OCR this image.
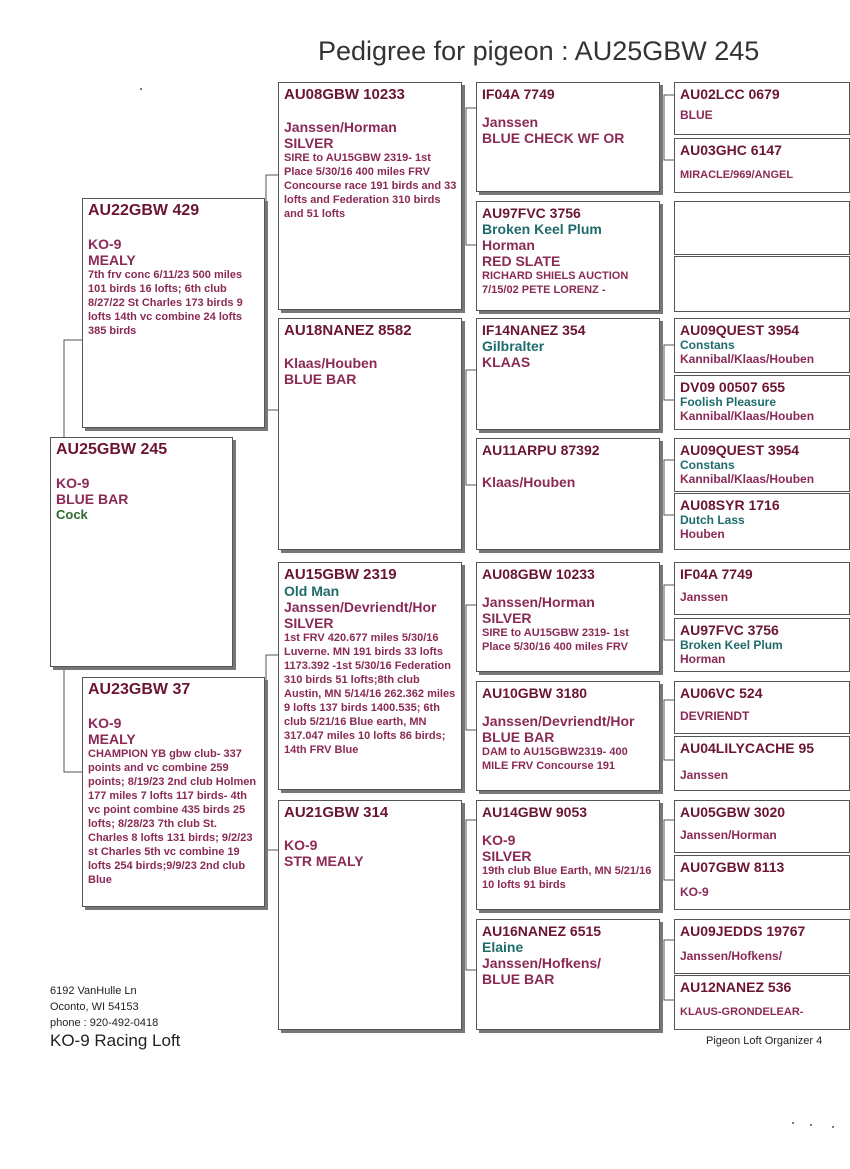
Pedigree for pigeon : AU25GBW 245
AU25GBW 245
KO-9
BLUE BAR
Cock
AU22GBW 429
KO-9
MEALY
7th frv conc 6/11/23 500 miles 101 birds 16 lofts; 6th club 8/27/22 St Charles 173 birds 9 lofts 14th vc combine 24 lofts 385 birds
AU23GBW 37
KO-9
MEALY
CHAMPION YB gbw club- 337 points and vc combine 259 points; 8/19/23 2nd club Holmen 177 miles 7 lofts 117 birds- 4th vc point combine 435 birds 25 lofts; 8/28/23 7th club St. Charles 8 lofts 131 birds; 9/2/23 st Charles 5th vc combine 19 lofts 254 birds;9/9/23 2nd club Blue
AU08GBW 10233
Janssen/Horman
SILVER
SIRE to AU15GBW 2319- 1st Place 5/30/16 400 miles FRV Concourse race 191 birds and 33 lofts and Federation 310 birds and 51 lofts
AU18NANEZ 8582
Klaas/Houben
BLUE BAR
AU15GBW 2319
Old Man
Janssen/Devriendt/Hor
SILVER
1st FRV 420.677 miles 5/30/16 Luverne. MN 191 birds 33 lofts 1173.392 -1st 5/30/16 Federation 310 birds 51 lofts;8th club Austin, MN 5/14/16 262.362 miles 9 lofts 137 birds 1400.535; 6th club 5/21/16 Blue earth, MN 317.047 miles 10 lofts 86 birds; 14th FRV Blue
AU21GBW 314
KO-9
STR MEALY
IF04A 7749
Janssen
BLUE CHECK WF OR
AU97FVC 3756
Broken Keel Plum
Horman
RED SLATE
RICHARD SHIELS AUCTION 7/15/02 PETE LORENZ -
IF14NANEZ 354
Gilbralter
KLAAS
AU11ARPU 87392
Klaas/Houben
AU08GBW 10233
Janssen/Horman
SILVER
SIRE to AU15GBW 2319- 1st Place 5/30/16 400 miles FRV
AU10GBW 3180
Janssen/Devriendt/Hor
BLUE BAR
DAM to AU15GBW2319- 400 MILE FRV Concourse 191
AU14GBW 9053
KO-9
SILVER
19th club Blue Earth, MN 5/21/16 10 lofts 91 birds
AU16NANEZ 6515
Elaine
Janssen/Hofkens/
BLUE BAR
AU02LCC 0679
BLUE
AU03GHC 6147
MIRACLE/969/ANGEL
AU09QUEST 3954
Constans
Kannibal/Klaas/Houben
DV09 00507 655
Foolish Pleasure
Kannibal/Klaas/Houben
AU09QUEST 3954
Constans
Kannibal/Klaas/Houben
AU08SYR 1716
Dutch Lass
Houben
IF04A 7749
Janssen
AU97FVC 3756
Broken Keel Plum
Horman
AU06VC 524
DEVRIENDT
AU04LILYCACHE 95
Janssen
AU05GBW 3020
Janssen/Horman
AU07GBW 8113
KO-9
AU09JEDDS 19767
Janssen/Hofkens/
AU12NANEZ 536
KLAUS-GRONDELEAR-
6192 VanHulle Ln
Oconto, WI 54153
phone : 920-492-0418
KO-9 Racing Loft	Pigeon Loft Organizer 4
